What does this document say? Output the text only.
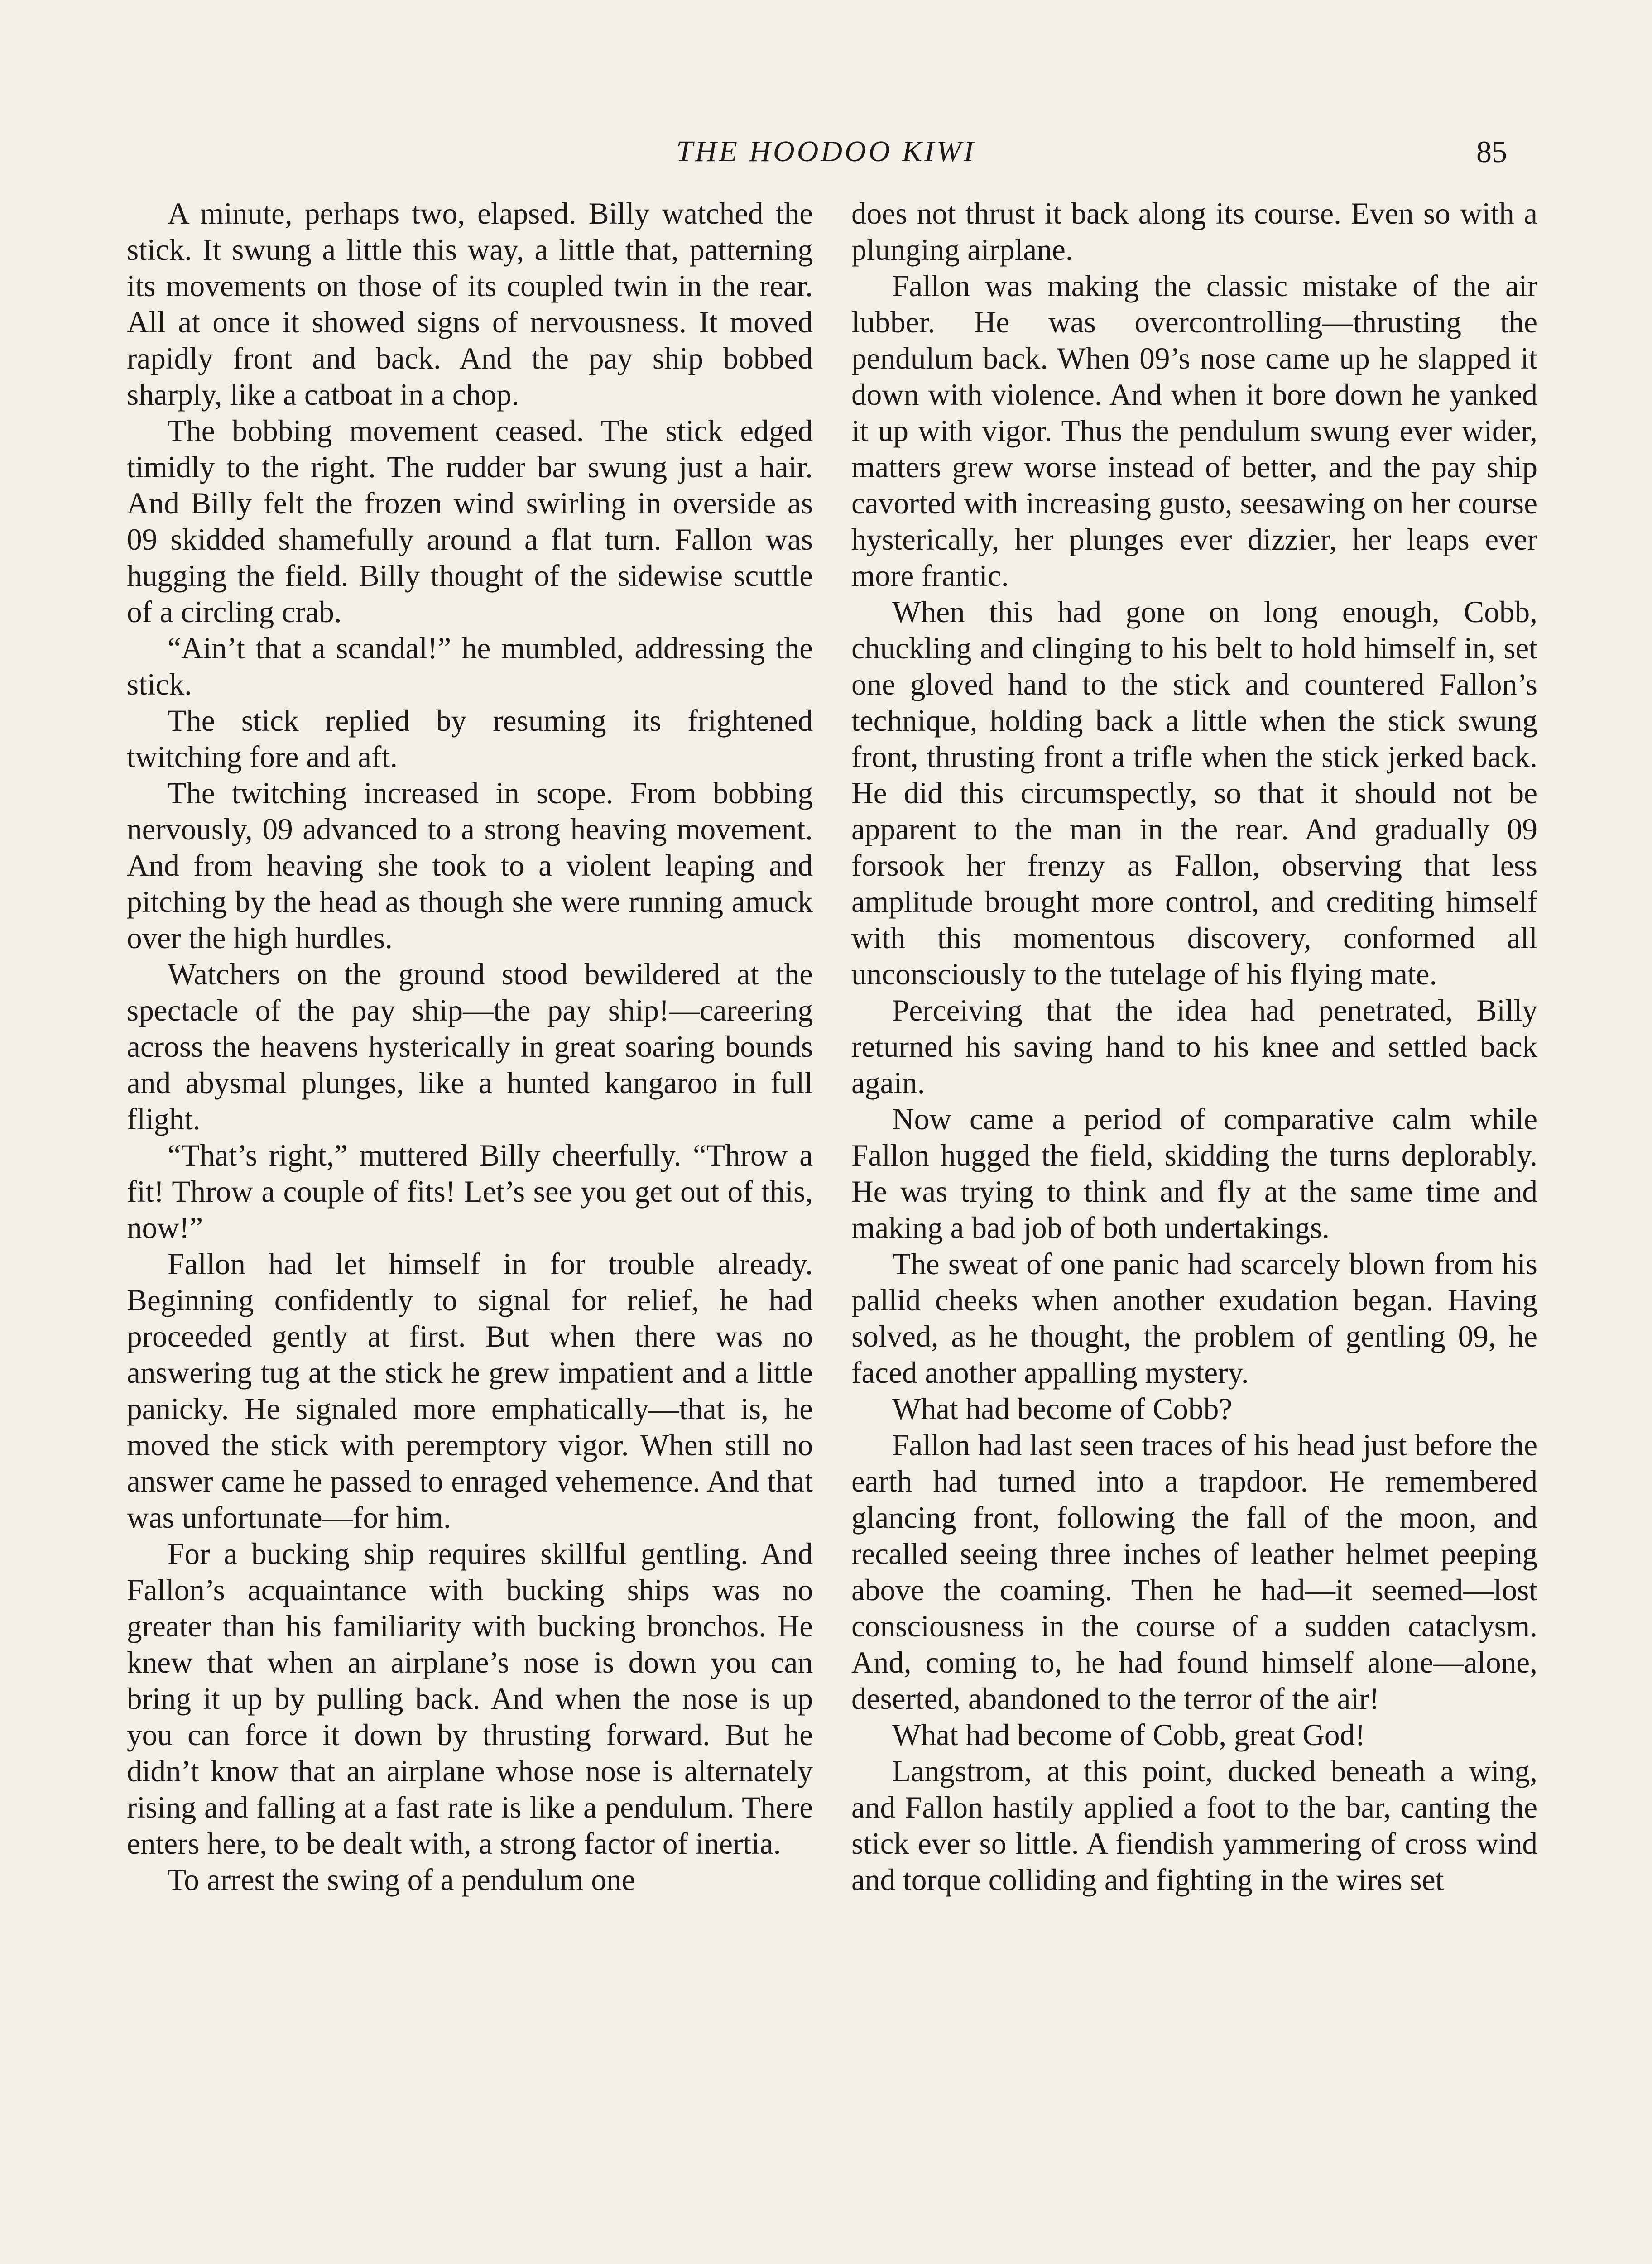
THE HOODOO KIWI	85

A minute, perhaps two, elapsed. Billy watched the stick. It swung a little this way, a little that, patterning its movements on those of its coupled twin in the rear. All at once it showed signs of nervousness. It moved rapidly front and back. And the pay ship bobbed sharply, like a catboat in a chop.

The bobbing movement ceased. The stick edged timidly to the right. The rudder bar swung just a hair. And Billy felt the frozen wind swirling in overside as 09 skidded shamefully around a flat turn. Fallon was hugging the field. Billy thought of the sidewise scuttle of a circling crab.

“Ain’t that a scandal!” he mumbled, addressing the stick.

The stick replied by resuming its frightened twitching fore and aft.

The twitching increased in scope. From bobbing nervously, 09 advanced to a strong heaving movement. And from heaving she took to a violent leaping and pitching by the head as though she were running amuck over the high hurdles.

Watchers on the ground stood bewildered at the spectacle of the pay ship—the pay ship!—careering across the heavens hysterically in great soaring bounds and abysmal plunges, like a hunted kangaroo in full flight.

“That’s right,” muttered Billy cheerfully. “Throw a fit! Throw a couple of fits! Let’s see you get out of this, now!”

Fallon had let himself in for trouble already. Beginning confidently to signal for relief, he had proceeded gently at first. But when there was no answering tug at the stick he grew impatient and a little panicky. He signaled more emphatically—that is, he moved the stick with peremptory vigor. When still no answer came he passed to enraged vehemence. And that was unfortunate—for him.

For a bucking ship requires skillful gentling. And Fallon’s acquaintance with bucking ships was no greater than his familiarity with bucking bronchos. He knew that when an airplane’s nose is down you can bring it up by pulling back. And when the nose is up you can force it down by thrusting forward. But he didn’t know that an airplane whose nose is alternately rising and falling at a fast rate is like a pendulum. There enters here, to be dealt with, a strong factor of inertia.

To arrest the swing of a pendulum one

does not thrust it back along its course. Even so with a plunging airplane.

Fallon was making the classic mistake of the air lubber. He was overcontrolling—thrusting the pendulum back. When 09’s nose came up he slapped it down with violence. And when it bore down he yanked it up with vigor. Thus the pendulum swung ever wider, matters grew worse instead of better, and the pay ship cavorted with increasing gusto, seesawing on her course hysterically, her plunges ever dizzier, her leaps ever more frantic.

When this had gone on long enough, Cobb, chuckling and clinging to his belt to hold himself in, set one gloved hand to the stick and countered Fallon’s technique, holding back a little when the stick swung front, thrusting front a trifle when the stick jerked back. He did this circumspectly, so that it should not be apparent to the man in the rear. And gradually 09 forsook her frenzy as Fallon, observing that less amplitude brought more control, and crediting himself with this momentous discovery, conformed all unconsciously to the tutelage of his flying mate.

Perceiving that the idea had penetrated, Billy returned his saving hand to his knee and settled back again.

Now came a period of comparative calm while Fallon hugged the field, skidding the turns deplorably. He was trying to think and fly at the same time and making a bad job of both undertakings.

The sweat of one panic had scarcely blown from his pallid cheeks when another exudation began. Having solved, as he thought, the problem of gentling 09, he faced another appalling mystery.

What had become of Cobb?

Fallon had last seen traces of his head just before the earth had turned into a trapdoor. He remembered glancing front, following the fall of the moon, and recalled seeing three inches of leather helmet peeping above the coaming. Then he had—it seemed—lost consciousness in the course of a sudden cataclysm. And, coming to, he had found himself alone—alone, deserted, abandoned to the terror of the air!

What had become of Cobb, great God!

Langstrom, at this point, ducked beneath a wing, and Fallon hastily applied a foot to the bar, canting the stick ever so little. A fiendish yammering of cross wind and torque colliding and fighting in the wires set
